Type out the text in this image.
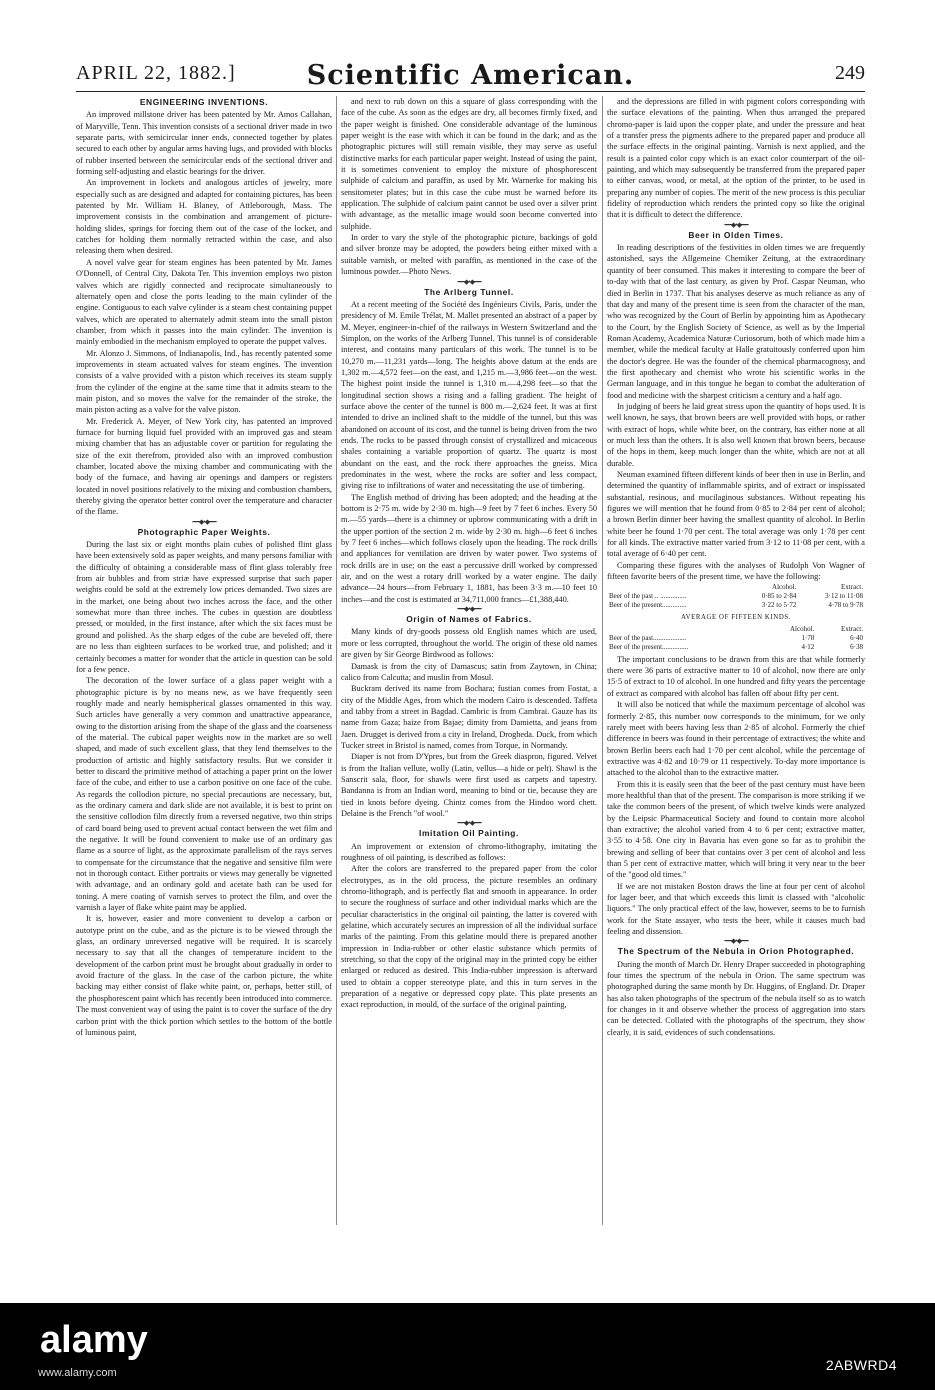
APRIL 22, 1882.]	Scientific American.	249
ENGINEERING INVENTIONS.

An improved millstone driver has been patented by Mr. Amos Callahan, of Maryville, Tenn. This invention consists of a sectional driver made in two separate parts, with semicircular inner ends, connected together by plates secured to each other by angular arms having lugs, and provided with blocks of rubber inserted between the semicircular ends of the sectional driver and forming self-adjusting and elastic bearings for the driver.

An improvement in lockets and analogous articles of jewelry, more especially such as are designed and adapted for containing pictures, has been patented by Mr. William H. Blaney, of Attleborough, Mass. The improvement consists in the combination and arrangement of picture-holding slides, springs for forcing them out of the case of the locket, and catches for holding them normally retracted within the case, and also releasing them when desired.

A novel valve gear for steam engines has been patented by Mr. James O'Donnell, of Central City, Dakota Ter. This invention employs two piston valves which are rigidly connected and reciprocate simultaneously to alternately open and close the ports leading to the main cylinder of the engine. Contiguous to each valve cylinder is a steam chest containing puppet valves, which are operated to alternately admit steam into the small piston chamber, from which it passes into the main cylinder. The invention is mainly embodied in the mechanism employed to operate the puppet valves.

Mr. Alonzo J. Simmons, of Indianapolis, Ind., has recently patented some improvements in steam actuated valves for steam engines. The invention consists of a valve provided with a piston which receives its steam supply from the cylinder of the engine at the same time that it admits steam to the main piston, and so moves the valve for the remainder of the stroke, the main piston acting as a valve for the valve piston.

Mr. Frederick A. Meyer, of New York city, has patented an improved furnace for burning liquid fuel provided with an improved gas and steam mixing chamber that has an adjustable cover or partition for regulating the size of the exit therefrom, provided also with an improved combustion chamber, located above the mixing chamber and communicating with the body of the furnace, and having air openings and dampers or registers located in novel positions relatively to the mixing and combustion chambers, thereby giving the operator better control over the temperature and character of the flame.

━━◆•◆━━
Photographic Paper Weights.

During the last six or eight months plain cubes of polished flint glass have been extensively sold as paper weights, and many persons familiar with the difficulty of obtaining a considerable mass of flint glass tolerably free from air bubbles and from striæ have expressed surprise that such paper weights could be sold at the extremely low prices demanded. Two sizes are in the market, one being about two inches across the face, and the other somewhat more than three inches. The cubes in question are doubtless pressed, or moulded, in the first instance, after which the six faces must be ground and polished. As the sharp edges of the cube are beveled off, there are no less than eighteen surfaces to be worked true, and polished; and it certainly becomes a matter for wonder that the article in question can be sold for a few pence.

The decoration of the lower surface of a glass paper weight with a photographic picture is by no means new, as we have frequently seen roughly made and nearly hemispherical glasses ornamented in this way. Such articles have generally a very common and unattractive appearance, owing to the distortion arising from the shape of the glass and the coarseness of the material. The cubical paper weights now in the market are so well shaped, and made of such excellent glass, that they lend themselves to the production of artistic and highly satisfactory results. But we consider it better to discard the primitive method of attaching a paper print on the lower face of the cube, and either to use a carbon positive on one face of the cube. As regards the collodion picture, no special precautions are necessary, but, as the ordinary camera and dark slide are not available, it is best to print on the sensitive collodion film directly from a reversed negative, two thin strips of card board being used to prevent actual contact between the wet film and the negative. It will be found convenient to make use of an ordinary gas flame as a source of light, as the approximate parallelism of the rays serves to compensate for the circumstance that the negative and sensitive film were not in thorough contact. Either portraits or views may generally be vignetted with advantage, and an ordinary gold and acetate bath can be used for toning. A mere coating of varnish serves to protect the film, and over the varnish a layer of flake white paint may be applied.

It is, however, easier and more convenient to develop a carbon or autotype print on the cube, and as the picture is to be viewed through the glass, an ordinary unreversed negative will be required. It is scarcely necessary to say that all the changes of temperature incident to the development of the carbon print must be brought about gradually in order to avoid fracture of the glass. In the case of the carbon picture, the white backing may either consist of flake white paint, or, perhaps, better still, of the phosphorescent paint which has recently been introduced into commerce. The most convenient way of using the paint is to cover the surface of the dry carbon print with the thick portion which settles to the bottom of the bottle of luminous paint,

and next to rub down on this a square of glass corresponding with the face of the cube. As soon as the edges are dry, all becomes firmly fixed, and the paper weight is finished. One considerable advantage of the luminous paper weight is the ease with which it can be found in the dark; and as the photographic pictures will still remain visible, they may serve as useful distinctive marks for each particular paper weight. Instead of using the paint, it is sometimes convenient to employ the mixture of phosphorescent sulphide of calcium and paraffin, as used by Mr. Warnerke for making his sensitometer plates; but in this case the cube must be warned before its application. The sulphide of calcium paint cannot be used over a silver print with advantage, as the metallic image would soon become converted into sulphide.

In order to vary the style of the photographic picture, backings of gold and silver bronze may be adopted, the powders being either mixed with a suitable varnish, or melted with paraffin, as mentioned in the case of the luminous powder.—Photo News.

━━◆•◆━━
The Arlberg Tunnel.

At a recent meeting of the Société des Ingénieurs Civils, Paris, under the presidency of M. Emile Trélat, M. Mallet presented an abstract of a paper by M. Meyer, engineer-in-chief of the railways in Western Switzerland and the Simplon, on the works of the Arlberg Tunnel. This tunnel is of considerable interest, and contains many particulars of this work. The tunnel is to be 10,270 m.—11,231 yards—long. The heights above datum at the ends are 1,302 m.—4,572 feet—on the east, and 1,215 m.—3,986 feet—on the west. The highest point inside the tunnel is 1,310 m.—4,298 feet—so that the longitudinal section shows a rising and a falling gradient. The height of surface above the center of the tunnel is 800 m.—2,624 feet. It was at first intended to drive an inclined shaft to the middle of the tunnel, but this was abandoned on account of its cost, and the tunnel is being driven from the two ends. The rocks to be passed through consist of crystallized and micaceous shales containing a variable proportion of quartz. The quartz is most abundant on the east, and the rock there approaches the gneiss. Mica predominates in the west, where the rocks are softer and less compact, giving rise to infiltrations of water and necessitating the use of timbering.

The English method of driving has been adopted; and the heading at the bottom is 2·75 m. wide by 2·30 m. high—9 feet by 7 feet 6 inches. Every 50 m.—55 yards—there is a chimney or upbrow communicating with a drift in the upper portion of the section 2 m. wide by 2·30 m. high—6 feet 6 inches by 7 feet 6 inches—which follows closely upon the heading. The rock drills and appliances for ventilation are driven by water power. Two systems of rock drills are in use; on the east a percussive drill worked by compressed air, and on the west a rotary drill worked by a water engine. The daily advance—24 hours—from February 1, 1881, has been 3·3 m.—10 feet 10 inches—and the cost is estimated at 34,711,000 francs—£1,388,440.

━━◆•◆━━
Origin of Names of Fabrics.

Many kinds of dry-goods possess old English names which are used, more or less corrupted, throughout the world. The origin of these old names are given by Sir George Birdwood as follows:

Damask is from the city of Damascus; satin from Zaytown, in China; calico from Calcutta; and muslin from Mosul.

Buckram derived its name from Bochara; fustian comes from Fostat, a city of the Middle Ages, from which the modern Cairo is descended. Taffeta and tabby from a street in Bagdad. Cambric is from Cambrai. Gauze has its name from Gaza; baize from Bajae; dimity from Damietta, and jeans from Jaen. Drugget is derived from a city in Ireland, Drogheda. Duck, from which Tucker street in Bristol is named, comes from Torque, in Normandy.

Diaper is not from D'Ypres, but from the Greek diaspron, figured. Velvet is from the Italian vellute, wolly (Latin, vellus—a hide or pelt). Shawl is the Sanscrit sala, floor, for shawls were first used as carpets and tapestry. Bandanna is from an Indian word, meaning to bind or tie, because they are tied in knots before dyeing. Chintz comes from the Hindoo word chett. Delaine is the French "of wool."

━━◆•◆━━
Imitation Oil Painting.

An improvement or extension of chromo-lithography, imitating the roughness of oil painting, is described as follows:

After the colors are transferred to the prepared paper from the color electrotypes, as in the old process, the picture resembles an ordinary chromo-lithograph, and is perfectly flat and smooth in appearance. In order to secure the roughness of surface and other individual marks which are the peculiar characteristics in the original oil painting, the latter is covered with gelatine, which accurately secures an impression of all the individual surface marks of the painting. From this gelatine mould there is prepared another impression in India-rubber or other elastic substance which permits of stretching, so that the copy of the original may in the printed copy be either enlarged or reduced as desired. This India-rubber impression is afterward used to obtain a copper stereotype plate, and this in turn serves in the preparation of a negative or depressed copy plate. This plate presents an exact reproduction, in mould, of the surface of the original painting,

and the depressions are filled in with pigment colors corresponding with the surface elevations of the painting. When thus arranged the prepared chromo-paper is laid upon the copper plate, and under the pressure and heat of a transfer press the pigments adhere to the prepared paper and produce all the surface effects in the original painting. Varnish is next applied, and the result is a painted color copy which is an exact color counterpart of the oil-painting, and which may subsequently be transferred from the prepared paper to either canvas, wood, or metal, at the option of the printer, to be used in preparing any number of copies. The merit of the new process is this peculiar fidelity of reproduction which renders the printed copy so like the original that it is difficult to detect the difference.

━━◆•◆━━
Beer in Olden Times.

In reading descriptions of the festivities in olden times we are frequently astonished, says the Allgemeine Chemiker Zeitung, at the extraordinary quantity of beer consumed. This makes it interesting to compare the beer of to-day with that of the last century, as given by Prof. Caspar Neuman, who died in Berlin in 1737. That his analyses deserve as much reliance as any of that day and many of the present time is seen from the character of the man, who was recognized by the Court of Berlin by appointing him as Apothecary to the Court, by the English Society of Science, as well as by the Imperial Roman Academy, Academica Naturæ Curiosorum, both of which made him a member, while the medical faculty at Halle gratuitously conferred upon him the doctor's degree. He was the founder of the chemical pharmacognosy, and the first apothecary and chemist who wrote his scientific works in the German language, and in this tongue he began to combat the adulteration of food and medicine with the sharpest criticism a century and a half ago.

In judging of beers he laid great stress upon the quantity of hops used. It is well known, he says, that brown beers are well provided with hops, or rather with extract of hops, while white beer, on the contrary, has either none at all or much less than the others. It is also well known that brown beers, because of the hops in them, keep much longer than the white, which are not at all durable.

Neuman examined fifteen different kinds of beer then in use in Berlin, and determined the quantity of inflammable spirits, and of extract or inspissated substantial, resinous, and mucilaginous substances. Without repeating his figures we will mention that he found from 0·85 to 2·84 per cent of alcohol; a brown Berlin dinner beer having the smallest quantity of alcohol. In Berlin white beer he found 1·70 per cent. The total average was only 1·78 per cent for all kinds. The extractive matter varied from 3·12 to 11·08 per cent, with a total average of 6·40 per cent.

Comparing these figures with the analyses of Rudolph Von Wagner of fifteen favorite beers of the present time, we have the following:

	Alcohol.	Extract.
Beer of the past .. ...............	0·85 to 2·84	3·12 to 11·08
Beer of the present..............	3·22 to 5·72	4·78 to 9·78
AVERAGE OF FIFTEEN KINDS.
	Alcohol.	Extract.
Beer of the past...................	1·78	6·40
Beer of the present...............	4·12	6·38

The important conclusions to be drawn from this are that while formerly there were 36 parts of extractive matter to 10 of alcohol, now there are only 15·5 of extract to 10 of alcohol. In one hundred and fifty years the percentage of extract as compared with alcohol has fallen off about fifty per cent.

It will also be noticed that while the maximum percentage of alcohol was formerly 2·85, this number now corresponds to the minimum, for we only rarely meet with beers having less than 2·85 of alcohol. Formerly the chief difference in beers was found in their percentage of extractives; the white and brown Berlin beers each had 1·70 per cent alcohol, while the percentage of extractive was 4·82 and 10·79 or 11 respectively. To-day more importance is attached to the alcohol than to the extractive matter.

From this it is easily seen that the beer of the past century must have been more healthful than that of the present. The comparison is more striking if we take the common beers of the present, of which twelve kinds were analyzed by the Leipsic Pharmaceutical Society and found to contain more alcohol than extractive; the alcohol varied from 4 to 6 per cent; extractive matter, 3·55 to 4·58. One city in Bavaria has even gone so far as to prohibit the brewing and selling of beer that contains over 3 per cent of alcohol and less than 5 per cent of extractive matter, which will bring it very near to the beer of the "good old times."

If we are not mistaken Boston draws the line at four per cent of alcohol for lager beer, and that which exceeds this limit is classed with "alcoholic liquors." The only practical effect of the law, however, seems to be to furnish work for the State assayer, who tests the beer, while it causes much bad feeling and dissension.

━━◆•◆━━
The Spectrum of the Nebula in Orion Photographed.

During the month of March Dr. Henry Draper succeeded in photographing four times the spectrum of the nebula in Orion. The same spectrum was photographed during the same month by Dr. Huggins, of England. Dr. Draper has also taken photographs of the spectrum of the nebula itself so as to watch for changes in it and observe whether the process of aggregation into stars can be detected. Collated with the photographs of the spectrum, they show clearly, it is said, evidences of such condensations.

alamy
2ABWRD4
www.alamy.com
